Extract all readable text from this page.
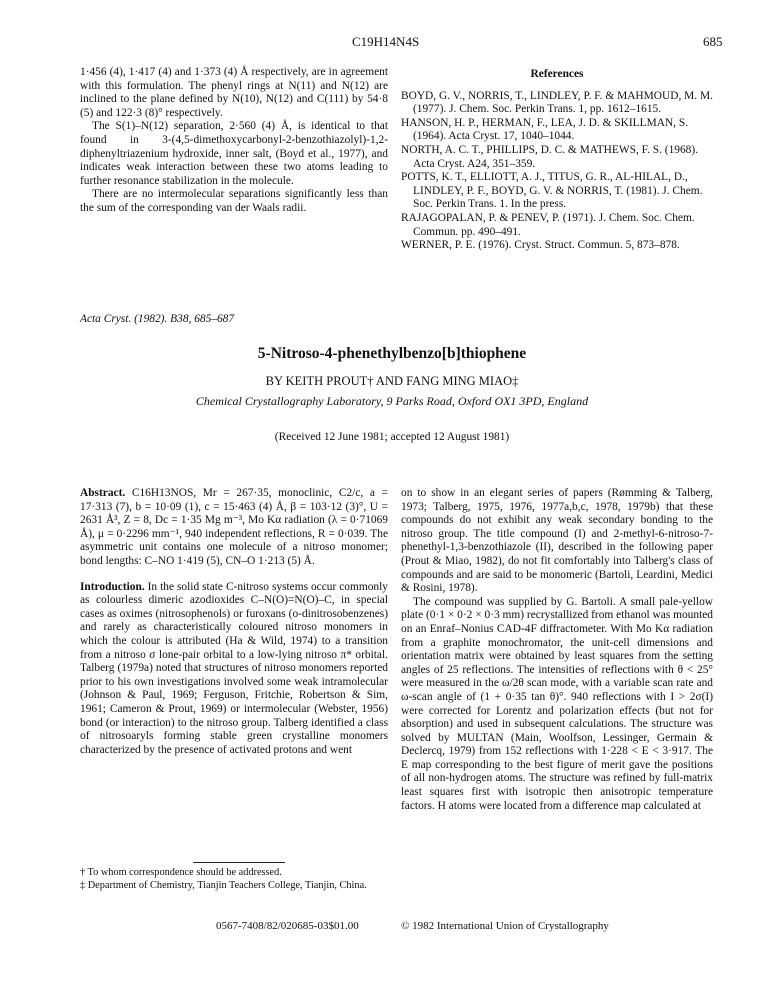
C19H14N4S	685

1·456 (4), 1·417 (4) and 1·373 (4) Å respectively, are in agreement with this formulation. The phenyl rings at N(11) and N(12) are inclined to the plane defined by N(10), N(12) and C(111) by 54·8 (5) and 122·3 (8)° respectively.

The S(1)–N(12) separation, 2·560 (4) Å, is identical to that found in 3-(4,5-dimethoxycarbonyl-2-benzothiazolyl)-1,2-diphenyltriazenium hydroxide, inner salt, (Boyd et al., 1977), and indicates weak interaction between these two atoms leading to further resonance stabilization in the molecule.

There are no intermolecular separations significantly less than the sum of the corresponding van der Waals radii.

References

BOYD, G. V., NORRIS, T., LINDLEY, P. F. & MAHMOUD, M. M. (1977). J. Chem. Soc. Perkin Trans. 1, pp. 1612–1615.

HANSON, H. P., HERMAN, F., LEA, J. D. & SKILLMAN, S. (1964). Acta Cryst. 17, 1040–1044.

NORTH, A. C. T., PHILLIPS, D. C. & MATHEWS, F. S. (1968). Acta Cryst. A24, 351–359.

POTTS, K. T., ELLIOTT, A. J., TITUS, G. R., AL-HILAL, D., LINDLEY, P. F., BOYD, G. V. & NORRIS, T. (1981). J. Chem. Soc. Perkin Trans. 1. In the press.

RAJAGOPALAN, P. & PENEV, P. (1971). J. Chem. Soc. Chem. Commun. pp. 490–491.

WERNER, P. E. (1976). Cryst. Struct. Commun. 5, 873–878.

Acta Cryst. (1982). B38, 685–687
5-Nitroso-4-phenethylbenzo[b]thiophene
BY KEITH PROUT† AND FANG MING MIAO‡
Chemical Crystallography Laboratory, 9 Parks Road, Oxford OX1 3PD, England
(Received 12 June 1981; accepted 12 August 1981)

Abstract. C16H13NOS, Mr = 267·35, monoclinic, C2/c, a = 17·313 (7), b = 10·09 (1), c = 15·463 (4) Å, β = 103·12 (3)°, U = 2631 Å³, Z = 8, Dc = 1·35 Mg m⁻³, Mo Kα radiation (λ = 0·71069 Å), μ = 0·2296 mm⁻¹, 940 independent reflections, R = 0·039. The asymmetric unit contains one molecule of a nitroso monomer; bond lengths: C–NO 1·419 (5), CN–O 1·213 (5) Å.

Introduction. In the solid state C-nitroso systems occur commonly as colourless dimeric azodioxides C–N(O)=N(O)–C, in special cases as oximes (nitrosophenols) or furoxans (o-dinitrosobenzenes) and rarely as characteristically coloured nitroso monomers in which the colour is attributed (Ha & Wild, 1974) to a transition from a nitroso σ lone-pair orbital to a low-lying nitroso π* orbital. Talberg (1979a) noted that structures of nitroso monomers reported prior to his own investigations involved some weak intramolecular (Johnson & Paul, 1969; Ferguson, Fritchie, Robertson & Sim, 1961; Cameron & Prout, 1969) or intermolecular (Webster, 1956) bond (or interaction) to the nitroso group. Talberg identified a class of nitrosoaryls forming stable green crystalline monomers characterized by the presence of activated protons and went

on to show in an elegant series of papers (Rømming & Talberg, 1973; Talberg, 1975, 1976, 1977a,b,c, 1978, 1979b) that these compounds do not exhibit any weak secondary bonding to the nitroso group. The title compound (I) and 2-methyl-6-nitroso-7-phenethyl-1,3-benzothiazole (II), described in the following paper (Prout & Miao, 1982), do not fit comfortably into Talberg's class of compounds and are said to be monomeric (Bartoli, Leardini, Medici & Rosini, 1978).

The compound was supplied by G. Bartoli. A small pale-yellow plate (0·1 × 0·2 × 0·3 mm) recrystallized from ethanol was mounted on an Enraf–Nonius CAD-4F diffractometer. With Mo Kα radiation from a graphite monochromator, the unit-cell dimensions and orientation matrix were obtained by least squares from the setting angles of 25 reflections. The intensities of reflections with θ < 25° were measured in the ω/2θ scan mode, with a variable scan rate and ω-scan angle of (1 + 0·35 tan θ)°. 940 reflections with I > 2σ(I) were corrected for Lorentz and polarization effects (but not for absorption) and used in subsequent calculations. The structure was solved by MULTAN (Main, Woolfson, Lessinger, Germain & Declercq, 1979) from 152 reflections with 1·228 < E < 3·917. The E map corresponding to the best figure of merit gave the positions of all non-hydrogen atoms. The structure was refined by full-matrix least squares first with isotropic then anisotropic temperature factors. H atoms were located from a difference map calculated at

† To whom correspondence should be addressed.

‡ Department of Chemistry, Tianjin Teachers College, Tianjin, China.

0567-7408/82/020685-03$01.00	© 1982 International Union of Crystallography
